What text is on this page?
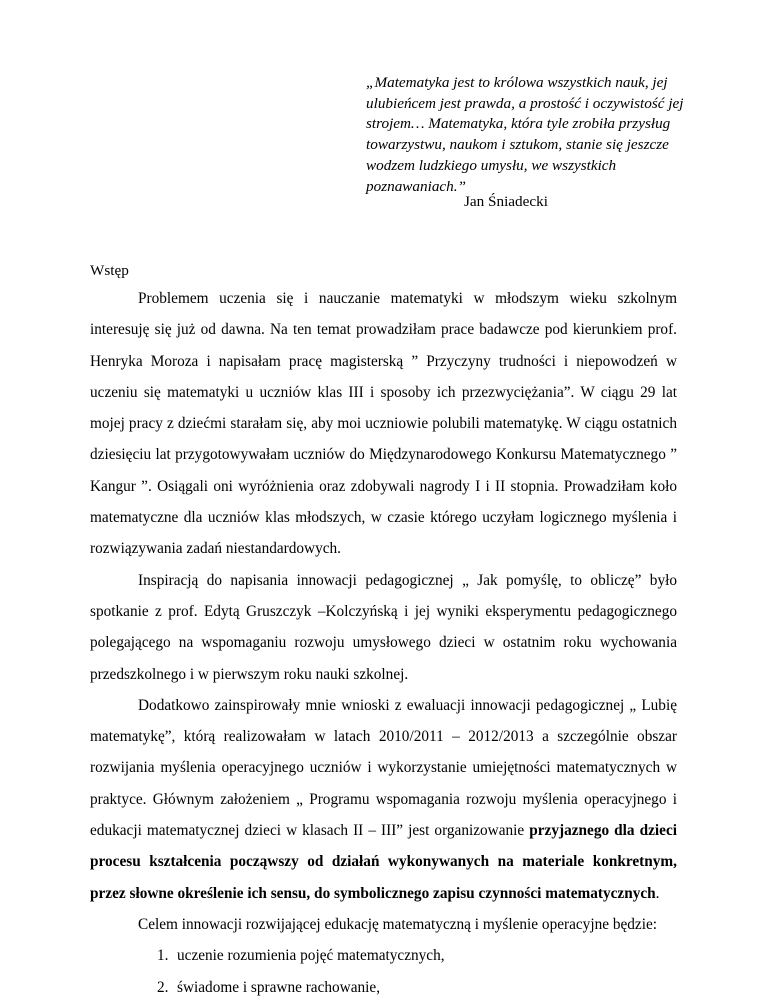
„Matematyka jest to królowa wszystkich nauk, jej ulubieńcem jest prawda, a prostość i oczywistość jej strojem… Matematyka, która tyle zrobiła przysług towarzystwu, naukom i sztukom, stanie się jeszcze wodzem ludzkiego umysłu, we wszystkich poznawaniach.”
Jan Śniadecki
Wstęp

Problemem uczenia się i nauczanie matematyki w młodszym wieku szkolnym interesuję się już od dawna. Na ten temat prowadziłam prace badawcze pod kierunkiem prof. Henryka Moroza i napisałam pracę magisterską ” Przyczyny trudności i niepowodzeń w uczeniu się matematyki u uczniów klas III i sposoby ich przezwyciężania”. W ciągu 29 lat mojej pracy z dziećmi starałam się, aby moi uczniowie polubili matematykę. W ciągu ostatnich dziesięciu lat przygotowywałam uczniów do Międzynarodowego Konkursu Matematycznego ” Kangur ”. Osiągali oni wyróżnienia oraz zdobywali nagrody I i II stopnia. Prowadziłam koło matematyczne dla uczniów klas młodszych, w czasie którego uczyłam logicznego myślenia i rozwiązywania zadań niestandardowych.

Inspiracją do napisania innowacji pedagogicznej „ Jak pomyślę, to obliczę” było spotkanie z prof. Edytą Gruszczyk –Kolczyńską i jej wyniki eksperymentu pedagogicznego polegającego na wspomaganiu rozwoju umysłowego dzieci w ostatnim roku wychowania przedszkolnego i w pierwszym roku nauki szkolnej.

Dodatkowo zainspirowały mnie wnioski z ewaluacji innowacji pedagogicznej „ Lubię matematykę”, którą realizowałam w latach 2010/2011 – 2012/2013 a szczególnie obszar rozwijania myślenia operacyjnego uczniów i wykorzystanie umiejętności matematycznych w praktyce. Głównym założeniem „ Programu wspomagania rozwoju myślenia operacyjnego i edukacji matematycznej dzieci w klasach II – III” jest organizowanie przyjaznego dla dzieci procesu kształcenia począwszy od działań wykonywanych na materiale konkretnym, przez słowne określenie ich sensu, do symbolicznego zapisu czynności matematycznych.

Celem innowacji rozwijającej edukację matematyczną i myślenie operacyjne będzie:

1. uczenie rozumienia pojęć matematycznych,
2. świadome i sprawne rachowanie,
